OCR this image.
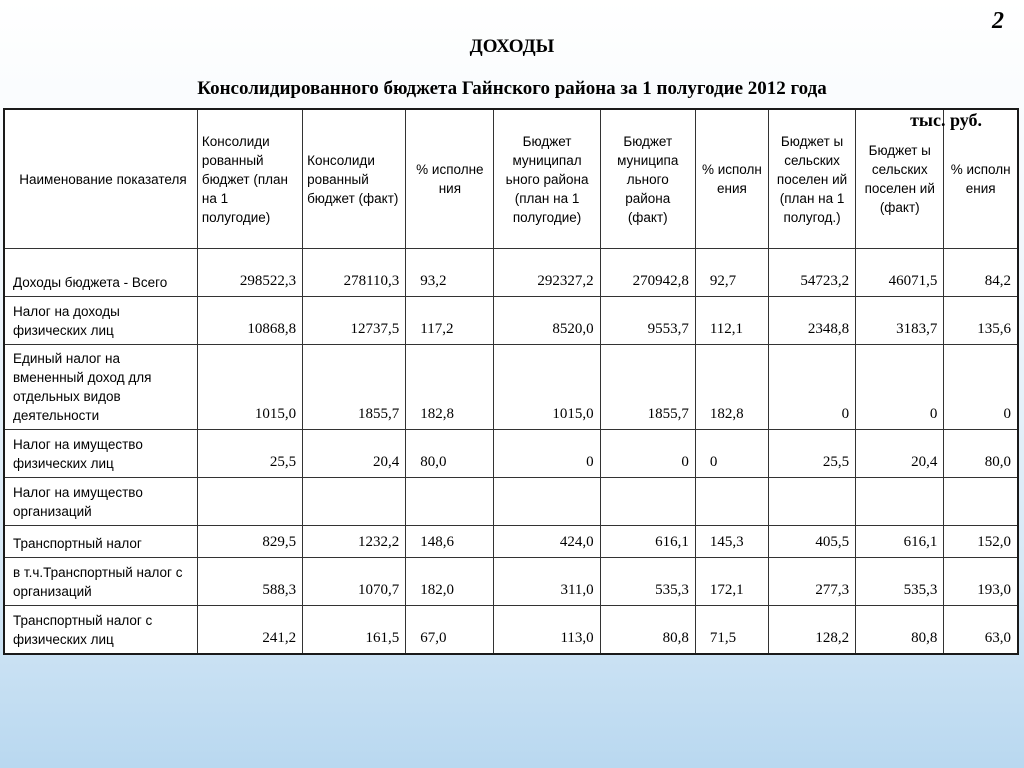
2
ДОХОДЫ
Консолидированного бюджета Гайнского района за 1 полугодие 2012 года
тыс. руб.
Наименование показателя	Консолиди рованный бюджет (план на 1 полугодие)	Консолиди рованный бюджет (факт)	% исполне ния	Бюджет муниципал ьного района (план на 1 полугодие)	Бюджет муниципа льного района (факт)	% исполн ения	Бюджет ы сельских поселен ий (план на 1 полугод.)	Бюджет ы сельских поселен ий (факт)	% исполн ения
Доходы бюджета - Всего	298522,3	278110,3	93,2	292327,2	270942,8	92,7	54723,2	46071,5	84,2
Налог на доходы физических лиц	10868,8	12737,5	117,2	8520,0	9553,7	112,1	2348,8	3183,7	135,6
Единый налог на вмененный доход для отдельных видов деятельности	1015,0	1855,7	182,8	1015,0	1855,7	182,8	0	0	0
Налог на имущество физических лиц	25,5	20,4	80,0	0	0	0	25,5	20,4	80,0
Налог на имущество организаций									
Транспортный налог	829,5	1232,2	148,6	424,0	616,1	145,3	405,5	616,1	152,0
в т.ч.Транспортный налог с организаций	588,3	1070,7	182,0	311,0	535,3	172,1	277,3	535,3	193,0
Транспортный налог с физических лиц	241,2	161,5	67,0	113,0	80,8	71,5	128,2	80,8	63,0
